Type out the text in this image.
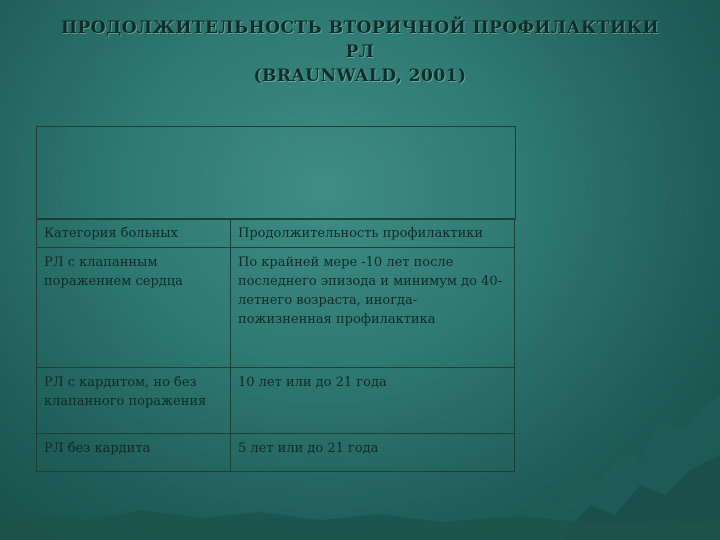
ПРОДОЛЖИТЕЛЬНОСТЬ ВТОРИЧНОЙ ПРОФИЛАКТИКИ
РЛ
(BRAUNWALD, 2001)
Категория больных	Продолжительность профилактики
РЛ с клапанным поражением сердца	По крайней мере -10 лет после последнего эпизода и минимум до 40-летнего возраста, иногда-пожизненная профилактика
РЛ с кардитом, но без клапанного поражения	10 лет или до 21 года
РЛ без кардита	5 лет или до 21 года
